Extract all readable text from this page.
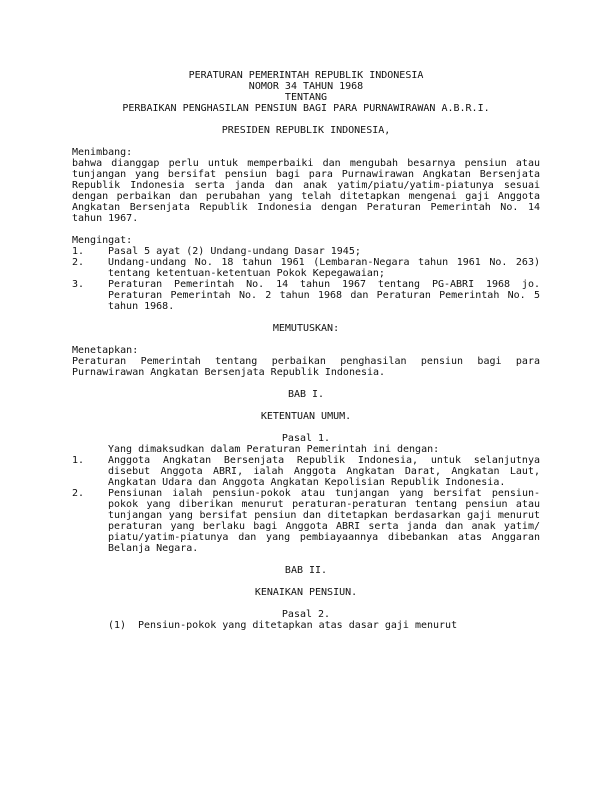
PERATURAN PEMERINTAH REPUBLIK INDONESIA
NOMOR 34 TAHUN 1968
TENTANG
PERBAIKAN PENGHASILAN PENSIUN BAGI PARA PURNAWIRAWAN A.B.R.I.
PRESIDEN REPUBLIK INDONESIA,
Menimbang:

bahwa dianggap perlu untuk memperbaiki dan mengubah besarnya pensiun atau tunjangan yang bersifat pensiun bagi para Purnawirawan Angkatan Bersenjata Republik Indonesia serta janda dan anak yatim/piatu/yatim-piatunya sesuai dengan perbaikan dan perubahan yang telah ditetapkan mengenai gaji Anggota Angkatan Bersenjata Republik Indonesia dengan Peraturan Pemerintah No. 14 tahun 1967.

Mengingat:
1.	Pasal 5 ayat (2) Undang-undang Dasar 1945;
2.	Undang-undang No. 18 tahun 1961 (Lembaran-Negara tahun 1961 No. 263) tentang ketentuan-ketentuan Pokok Kepegawaian;
3.	Peraturan Pemerintah No. 14 tahun 1967 tentang PG-ABRI 1968 jo. Peraturan Pemerintah No. 2 tahun 1968 dan Peraturan Pemerintah No. 5 tahun 1968.
MEMUTUSKAN:
Menetapkan:

Peraturan Pemerintah tentang perbaikan penghasilan pensiun bagi para Purnawirawan Angkatan Bersenjata Republik Indonesia.

BAB I.
KETENTUAN UMUM.
Pasal 1.
Yang dimaksudkan dalam Peraturan Pemerintah ini dengan:
1.	Anggota Angkatan Bersenjata Republik Indonesia, untuk selanjutnya disebut Anggota ABRI, ialah Anggota Angkatan Darat, Angkatan Laut, Angkatan Udara dan Anggota Angkatan Kepolisian Republik Indonesia.
2.	Pensiunan ialah pensiun-pokok atau tunjangan yang bersifat pensiun-pokok yang diberikan menurut peraturan-peraturan tentang pensiun atau tunjangan yang bersifat pensiun dan ditetapkan berdasarkan gaji menurut peraturan yang berlaku bagi Anggota ABRI serta janda dan anak yatim/ piatu/yatim-piatunya dan yang pembiayaannya dibebankan atas Anggaran Belanja Negara.
BAB II.
KENAIKAN PENSIUN.
Pasal 2.
(1)	Pensiun-pokok yang ditetapkan atas dasar gaji menurut
